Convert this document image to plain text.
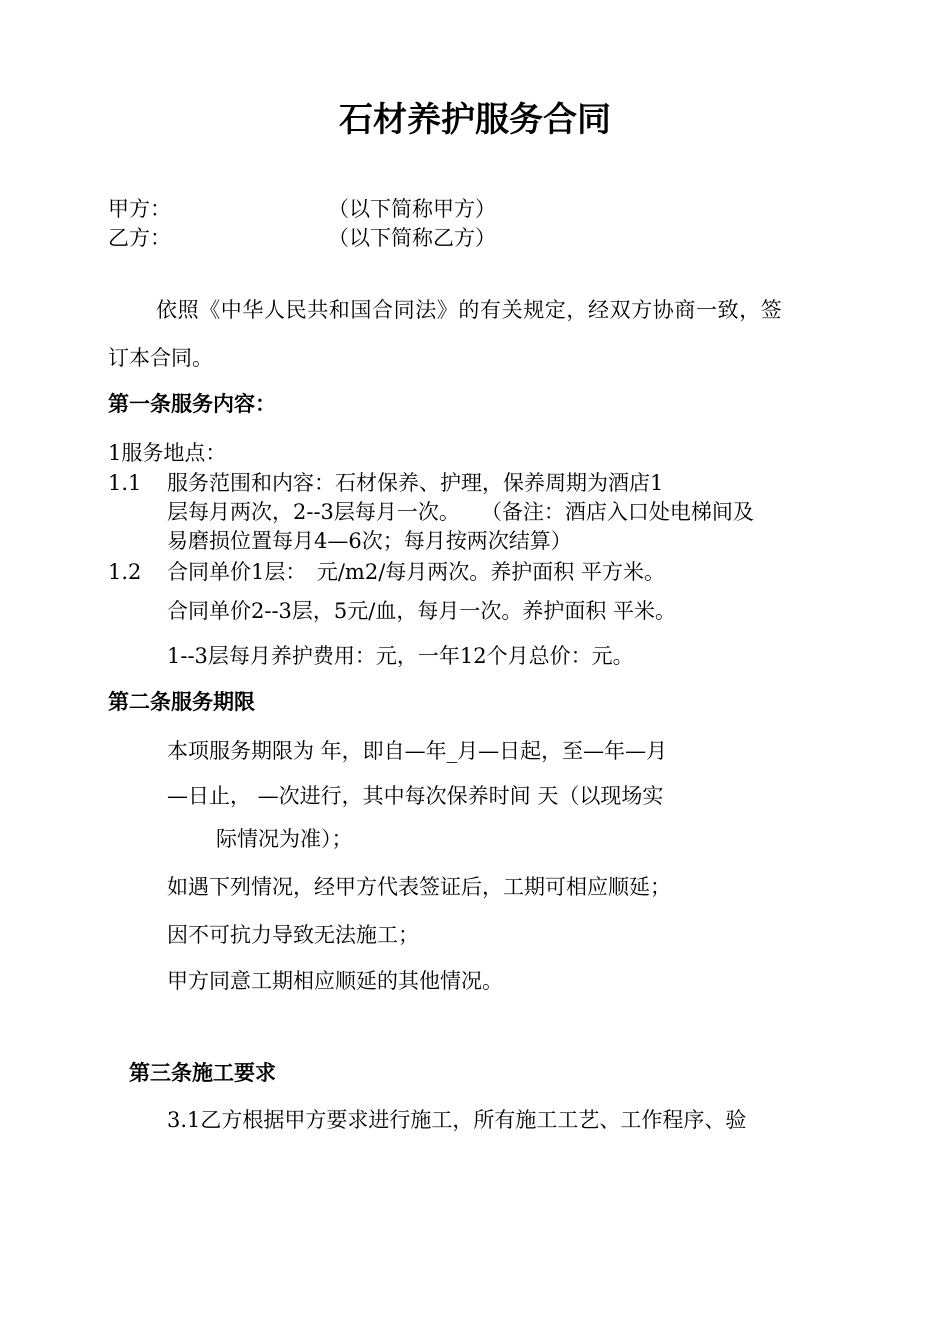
石材养护服务合同
甲方：	（以下简称甲方）
乙方：	（以下简称乙方）
依照《中华人民共和国合同法》的有关规定，经双方协商一致，签
订本合同。
第一条服务内容：
1服务地点：
1.1 服务范围和内容：石材保养、护理，保养周期为酒店1
层每月两次，2--3层每月一次。　　（备注：酒店入口处电梯间及
易磨损位置每月4—6次；每月按两次结算）
1.2 合同单价1层：　元/m2/每月两次。养护面积 平方米。
合同单价2--3层，5元/血，每月一次。养护面积 平米。
1--3层每月养护费用：元，一年12个月总价：元。
第二条服务期限
本项服务期限为 年，即自—年_月—日起，至—年—月
—日止， —次进行，其中每次保养时间 天（以现场实
际情况为准）；
如遇下列情况，经甲方代表签证后，工期可相应顺延；
因不可抗力导致无法施工；
甲方同意工期相应顺延的其他情况。
第三条施工要求
3.1乙方根据甲方要求进行施工，所有施工工艺、工作程序、验
